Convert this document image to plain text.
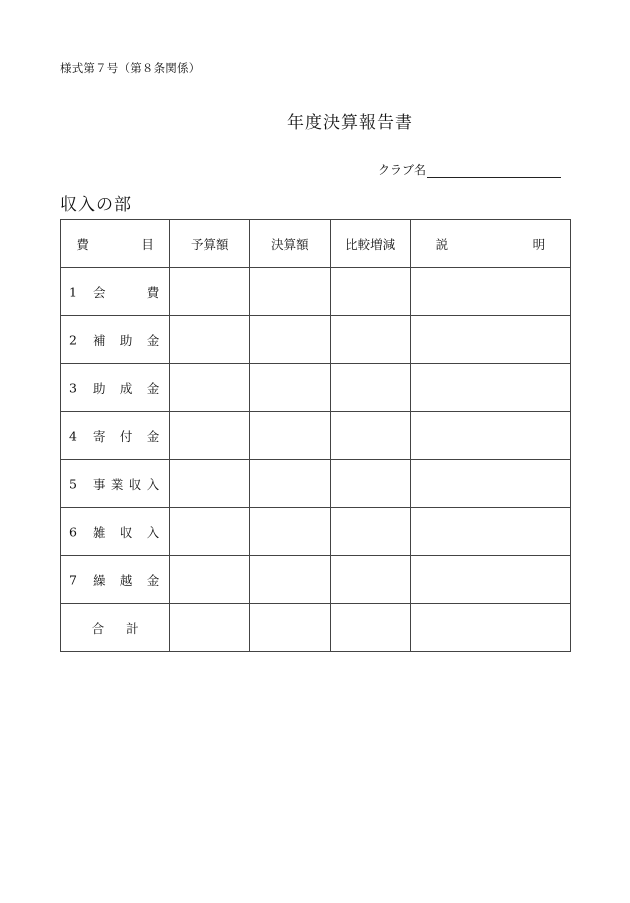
様式第７号（第８条関係）
年度決算報告書
クラブ名
収入の部
費　目	予算額	決算額	比較増減	説　明

1 会費				

2 補助金				

3 助成金				

4 寄付金				

5 事業収入				

6 雑収入				

7 繰越金				

合計				
